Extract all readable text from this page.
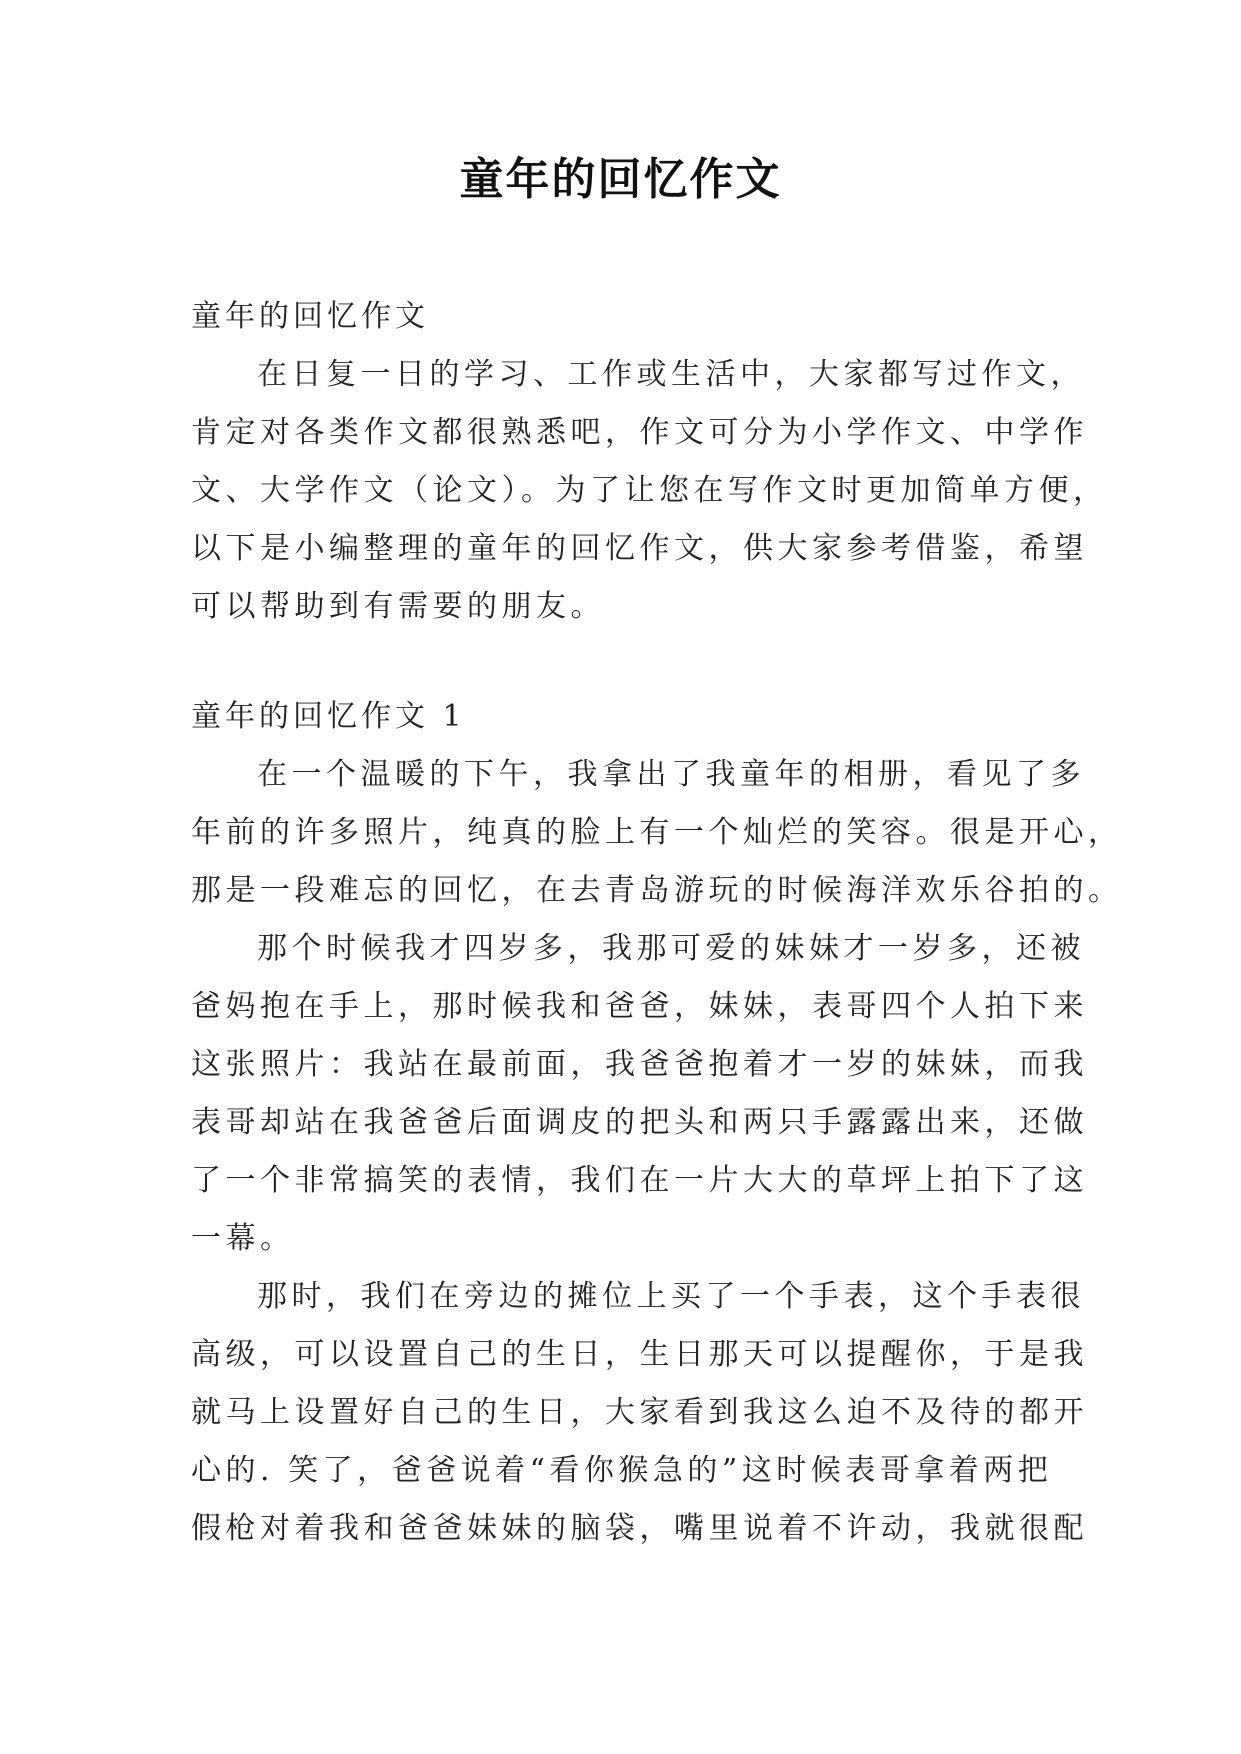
童年的回忆作文
童年的回忆作文
在日复一日的学习、工作或生活中，大家都写过作文，
肯定对各类作文都很熟悉吧，作文可分为小学作文、中学作
文、大学作文（论文）。为了让您在写作文时更加简单方便，
以下是小编整理的童年的回忆作文，供大家参考借鉴，希望
可以帮助到有需要的朋友。
童年的回忆作文 1
在一个温暖的下午，我拿出了我童年的相册，看见了多
年前的许多照片，纯真的脸上有一个灿烂的笑容。很是开心，
那是一段难忘的回忆，在去青岛游玩的时候海洋欢乐谷拍的。
那个时候我才四岁多，我那可爱的妹妹才一岁多，还被
爸妈抱在手上，那时候我和爸爸，妹妹，表哥四个人拍下来
这张照片：我站在最前面，我爸爸抱着才一岁的妹妹，而我
表哥却站在我爸爸后面调皮的把头和两只手露露出来，还做
了一个非常搞笑的表情，我们在一片大大的草坪上拍下了这
一幕。
那时，我们在旁边的摊位上买了一个手表，这个手表很
高级，可以设置自己的生日，生日那天可以提醒你，于是我
就马上设置好自己的生日，大家看到我这么迫不及待的都开
心的. 笑了，爸爸说着“看你猴急的”这时候表哥拿着两把
假枪对着我和爸爸妹妹的脑袋，嘴里说着不许动，我就很配
